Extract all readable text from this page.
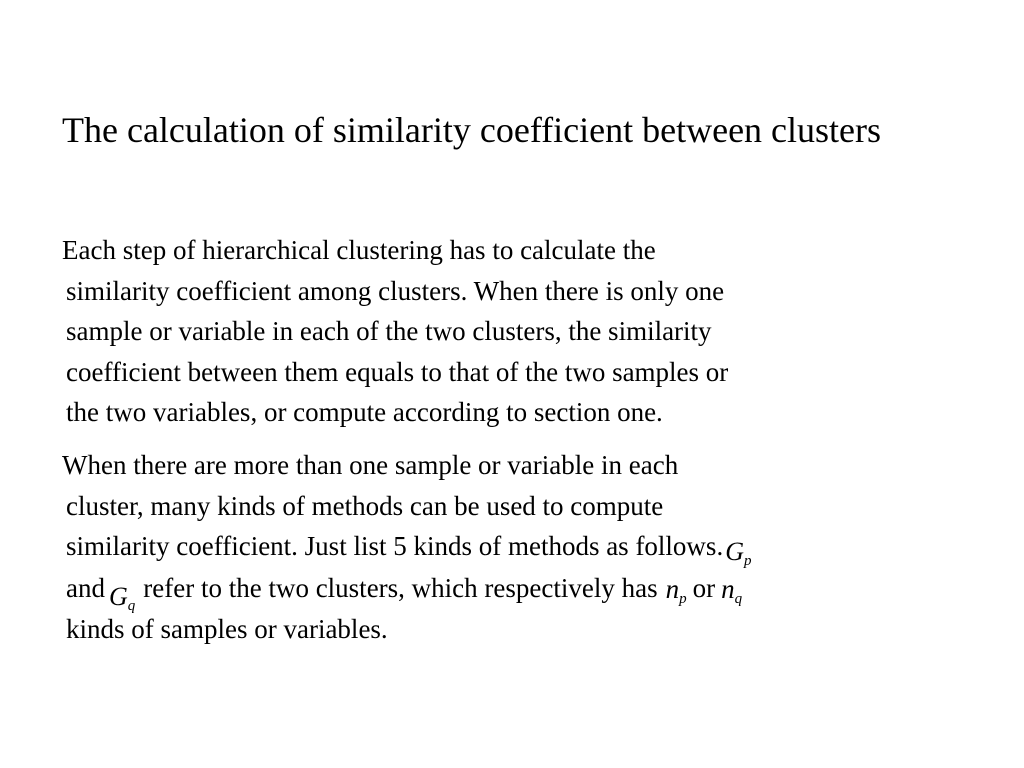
The calculation of similarity coefficient between clusters
Each step of hierarchical clustering has to calculate the
similarity coefficient among clusters. When there is only one
sample or variable in each of the two clusters, the similarity
coefficient between them equals to that of the two samples or
the two variables, or compute according to section one.
When there are more than one sample or variable in each
cluster, many kinds of methods can be used to compute
similarity coefficient. Just list 5 kinds of methods as $follows.G_p$
and $G_qrefer$ to the two clusters, which respectively has $n_p$ or $n_q$
kinds of samples or variables.
